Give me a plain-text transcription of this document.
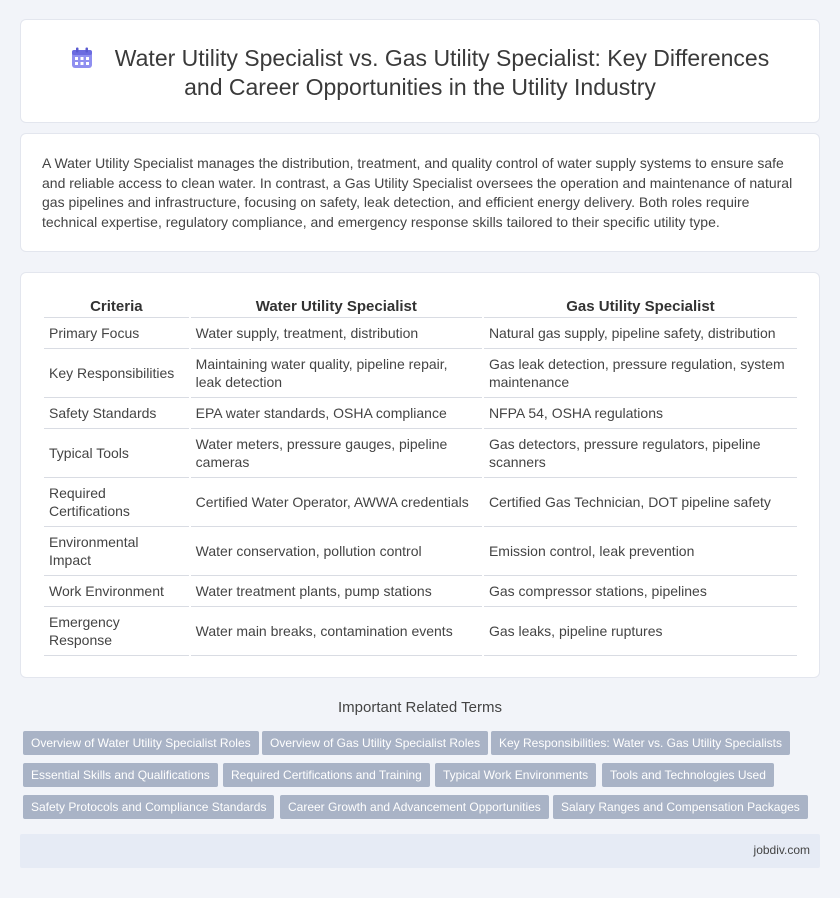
Water Utility Specialist vs. Gas Utility Specialist: Key Differences and Career Opportunities in the Utility Industry

A Water Utility Specialist manages the distribution, treatment, and quality control of water supply systems to ensure safe and reliable access to clean water. In contrast, a Gas Utility Specialist oversees the operation and maintenance of natural gas pipelines and infrastructure, focusing on safety, leak detection, and efficient energy delivery. Both roles require technical expertise, regulatory compliance, and emergency response skills tailored to their specific utility type.

Criteria	Water Utility Specialist	Gas Utility Specialist
Primary Focus	Water supply, treatment, distribution	Natural gas supply, pipeline safety, distribution
Key Responsibilities	Maintaining water quality, pipeline repair, leak detection	Gas leak detection, pressure regulation, system maintenance
Safety Standards	EPA water standards, OSHA compliance	NFPA 54, OSHA regulations
Typical Tools	Water meters, pressure gauges, pipeline cameras	Gas detectors, pressure regulators, pipeline scanners
Required Certifications	Certified Water Operator, AWWA credentials	Certified Gas Technician, DOT pipeline safety
Environmental Impact	Water conservation, pollution control	Emission control, leak prevention
Work Environment	Water treatment plants, pump stations	Gas compressor stations, pipelines
Emergency Response	Water main breaks, contamination events	Gas leaks, pipeline ruptures
Important Related Terms
Overview of Water Utility Specialist Roles	Overview of Gas Utility Specialist Roles	Key Responsibilities: Water vs. Gas Utility Specialists
Essential Skills and Qualifications	Required Certifications and Training	Typical Work Environments	Tools and Technologies Used
Safety Protocols and Compliance Standards	Career Growth and Advancement Opportunities	Salary Ranges and Compensation Packages
jobdiv.com
